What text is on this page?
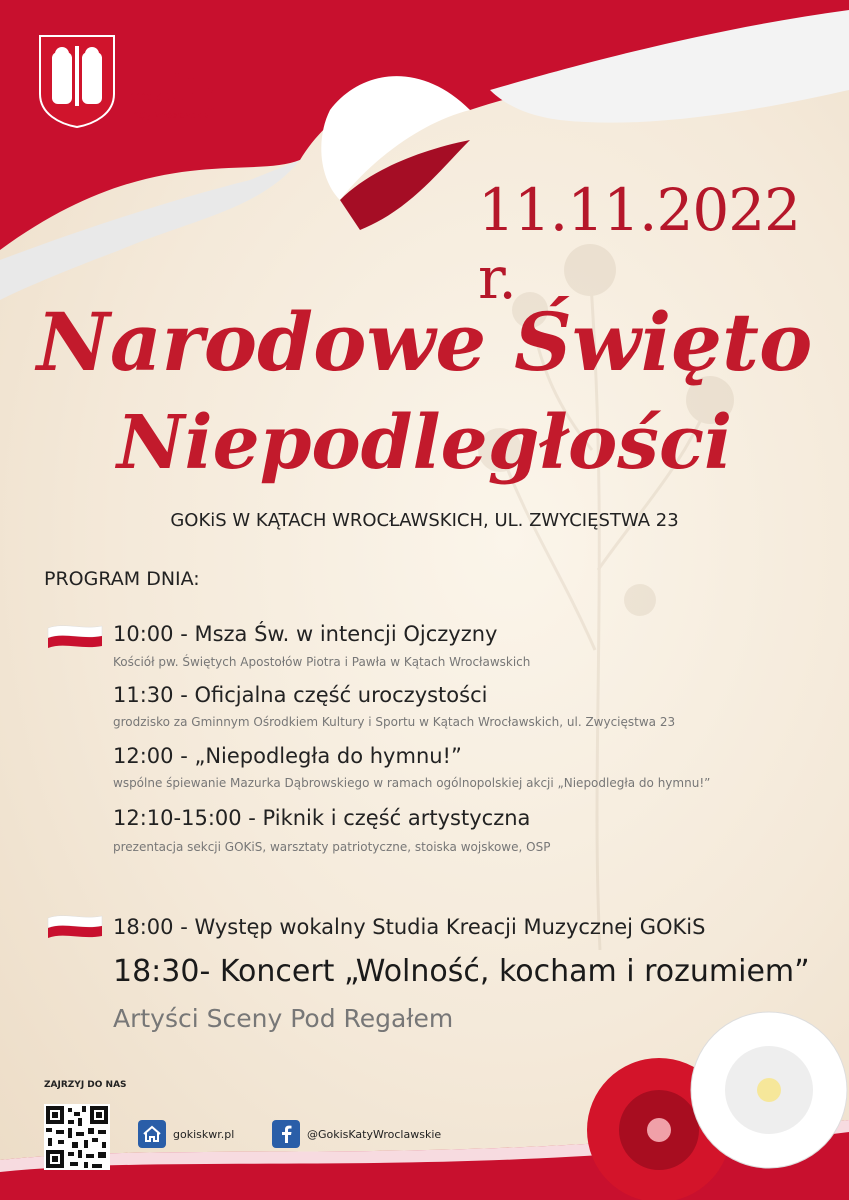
GOKiS
Kąty Wrocławskie
11.11.2022 r.
Narodowe Święto
Niepodległości
GOKiS W KĄTACH WROCŁAWSKICH, UL. ZWYCIĘSTWA 23
PROGRAM DNIA:
10:00 - Msza Św. w intencji Ojczyzny
Kościół pw. Świętych Apostołów Piotra i Pawła w Kątach Wrocławskich
11:30 - Oficjalna część uroczystości
grodzisko za Gminnym Ośrodkiem Kultury i Sportu w Kątach Wrocławskich, ul. Zwycięstwa 23
12:00 - „Niepodległa do hymnu!”
wspólne śpiewanie Mazurka Dąbrowskiego w ramach ogólnopolskiej akcji „Niepodległa do hymnu!”
12:10-15:00 - Piknik i część artystyczna
prezentacja sekcji GOKiS, warsztaty patriotyczne, stoiska wojskowe, OSP
18:00 - Występ wokalny Studia Kreacji Muzycznej GOKiS
18:30- Koncert „Wolność, kocham i rozumiem”
Artyści Sceny Pod Regałem
ZAJRZYJ DO NAS
gokiskwr.pl	@GokisKatyWroclawskie
